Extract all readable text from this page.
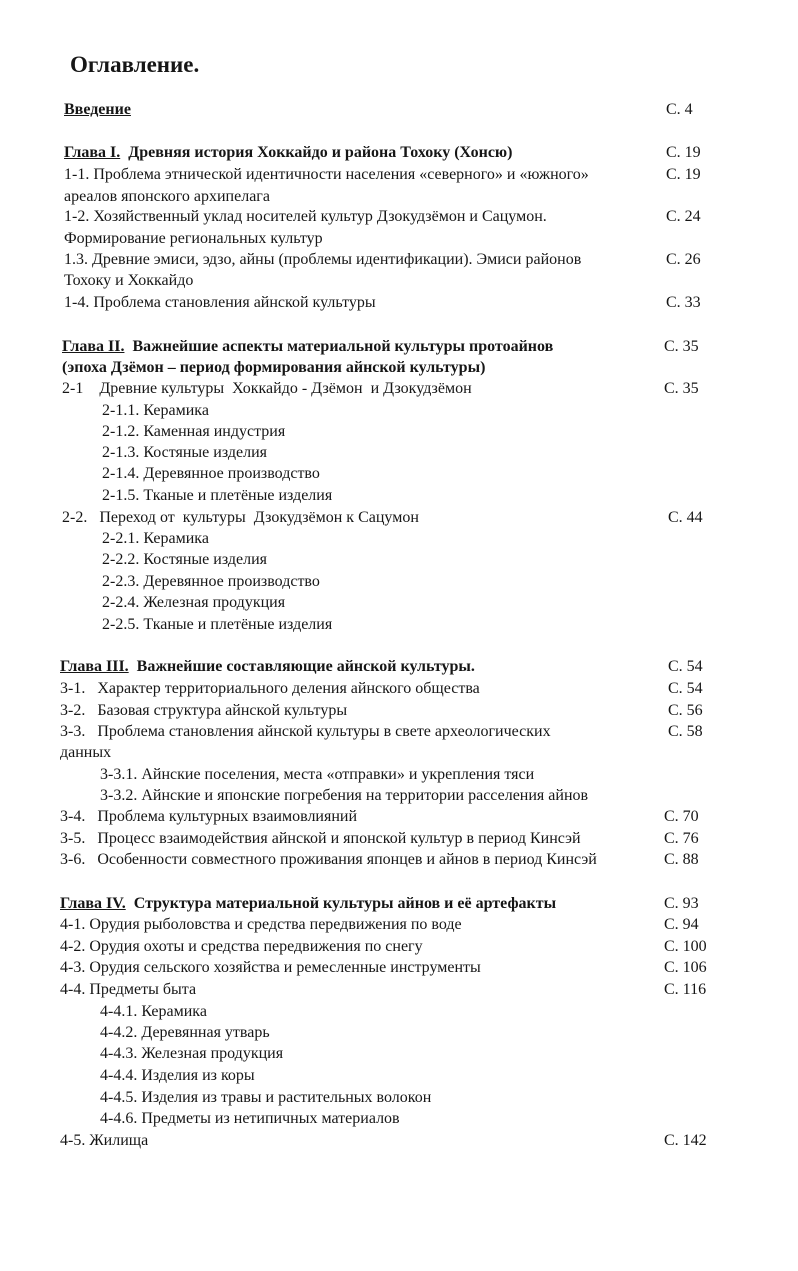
Оглавление.
Введение	С. 4
Глава I. Древняя история Хоккайдо и района Тохоку (Хонсю)	С. 19
1-1. Проблема этнической идентичности населения «северного» и «южного»	С. 19
ареалов японского архипелага
1-2. Хозяйственный уклад носителей культур Дзокудзёмон и Сацумон.	С. 24
Формирование региональных культур
1.3. Древние эмиси, эдзо, айны (проблемы идентификации). Эмиси районов	С. 26
Тохоку и Хоккайдо
1-4. Проблема становления айнской культуры	С. 33
Глава II. Важнейшие аспекты материальной культуры протоайнов	С. 35
(эпоха Дзёмон – период формирования айнской культуры)
2-1    Древние культуры  Хоккайдо - Дзёмон  и Дзокудзёмон	С. 35
2-1.1. Керамика
2-1.2. Каменная индустрия
2-1.3. Костяные изделия
2-1.4. Деревянное производство
2-1.5. Тканые и плетёные изделия
2-2.   Переход от  культуры  Дзокудзёмон к Сацумон	С. 44
2-2.1. Керамика
2-2.2. Костяные изделия
2-2.3. Деревянное производство
2-2.4. Железная продукция
2-2.5. Тканые и плетёные изделия
Глава III. Важнейшие составляющие айнской культуры.	С. 54
3-1.   Характер территориального деления айнского общества	С. 54
3-2.   Базовая структура айнской культуры	С. 56
3-3.   Проблема становления айнской культуры в свете археологических	С. 58
данных
3-3.1. Айнские поселения, места «отправки» и укрепления тяси
3-3.2. Айнские и японские погребения на территории расселения айнов
3-4.   Проблема культурных взаимовлияний	С. 70
3-5.   Процесс взаимодействия айнской и японской культур в период Кинсэй	С. 76
3-6.   Особенности совместного проживания японцев и айнов в период Кинсэй	С. 88
Глава IV. Структура материальной культуры айнов и её артефакты	С. 93
4-1. Орудия рыболовства и средства передвижения по воде	С. 94
4-2. Орудия охоты и средства передвижения по снегу	С. 100
4-3. Орудия сельского хозяйства и ремесленные инструменты	С. 106
4-4. Предметы быта	С. 116
4-4.1. Керамика
4-4.2. Деревянная утварь
4-4.3. Железная продукция
4-4.4. Изделия из коры
4-4.5. Изделия из травы и растительных волокон
4-4.6. Предметы из нетипичных материалов
4-5. Жилища	С. 142
